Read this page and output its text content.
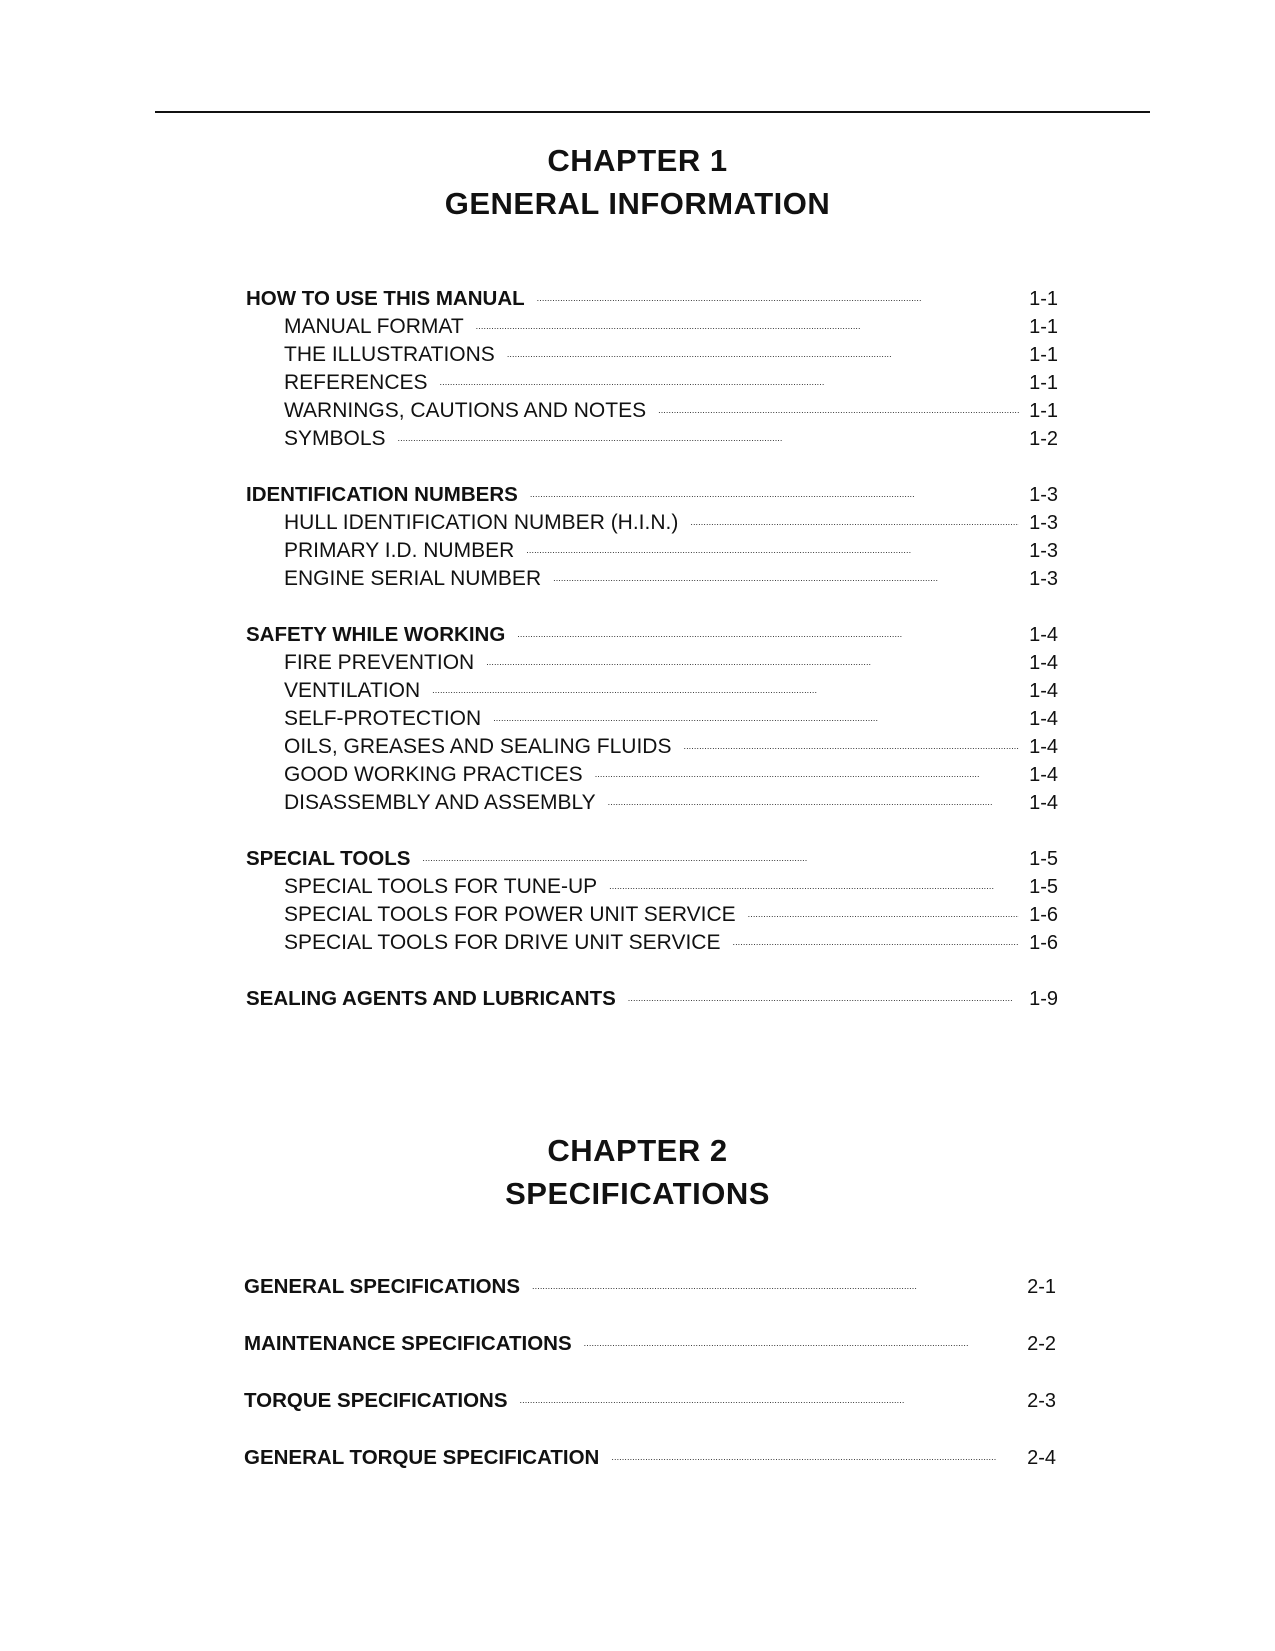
CHAPTER 1
GENERAL INFORMATION
HOW TO USE THIS MANUAL . . .	1-1
MANUAL FORMAT . . .	1-1
THE ILLUSTRATIONS . . .	1-1
REFERENCES . . .	1-1
WARNINGS, CAUTIONS AND NOTES . . .	1-1
SYMBOLS . . .	1-2
IDENTIFICATION NUMBERS . . .	1-3
HULL IDENTIFICATION NUMBER (H.I.N.) . . .	1-3
PRIMARY I.D. NUMBER . . .	1-3
ENGINE SERIAL NUMBER . . .	1-3
SAFETY WHILE WORKING . . .	1-4
FIRE PREVENTION . . .	1-4
VENTILATION . . .	1-4
SELF-PROTECTION . . .	1-4
OILS, GREASES AND SEALING FLUIDS . . .	1-4
GOOD WORKING PRACTICES . . .	1-4
DISASSEMBLY AND ASSEMBLY . . .	1-4
SPECIAL TOOLS . . .	1-5
SPECIAL TOOLS FOR TUNE-UP . . .	1-5
SPECIAL TOOLS FOR POWER UNIT SERVICE . . .	1-6
SPECIAL TOOLS FOR DRIVE UNIT SERVICE . . .	1-6
SEALING AGENTS AND LUBRICANTS . . .	1-9
CHAPTER 2
SPECIFICATIONS
GENERAL SPECIFICATIONS . . .	2-1
MAINTENANCE SPECIFICATIONS . . .	2-2
TORQUE SPECIFICATIONS . . .	2-3
GENERAL TORQUE SPECIFICATION . . .	2-4
